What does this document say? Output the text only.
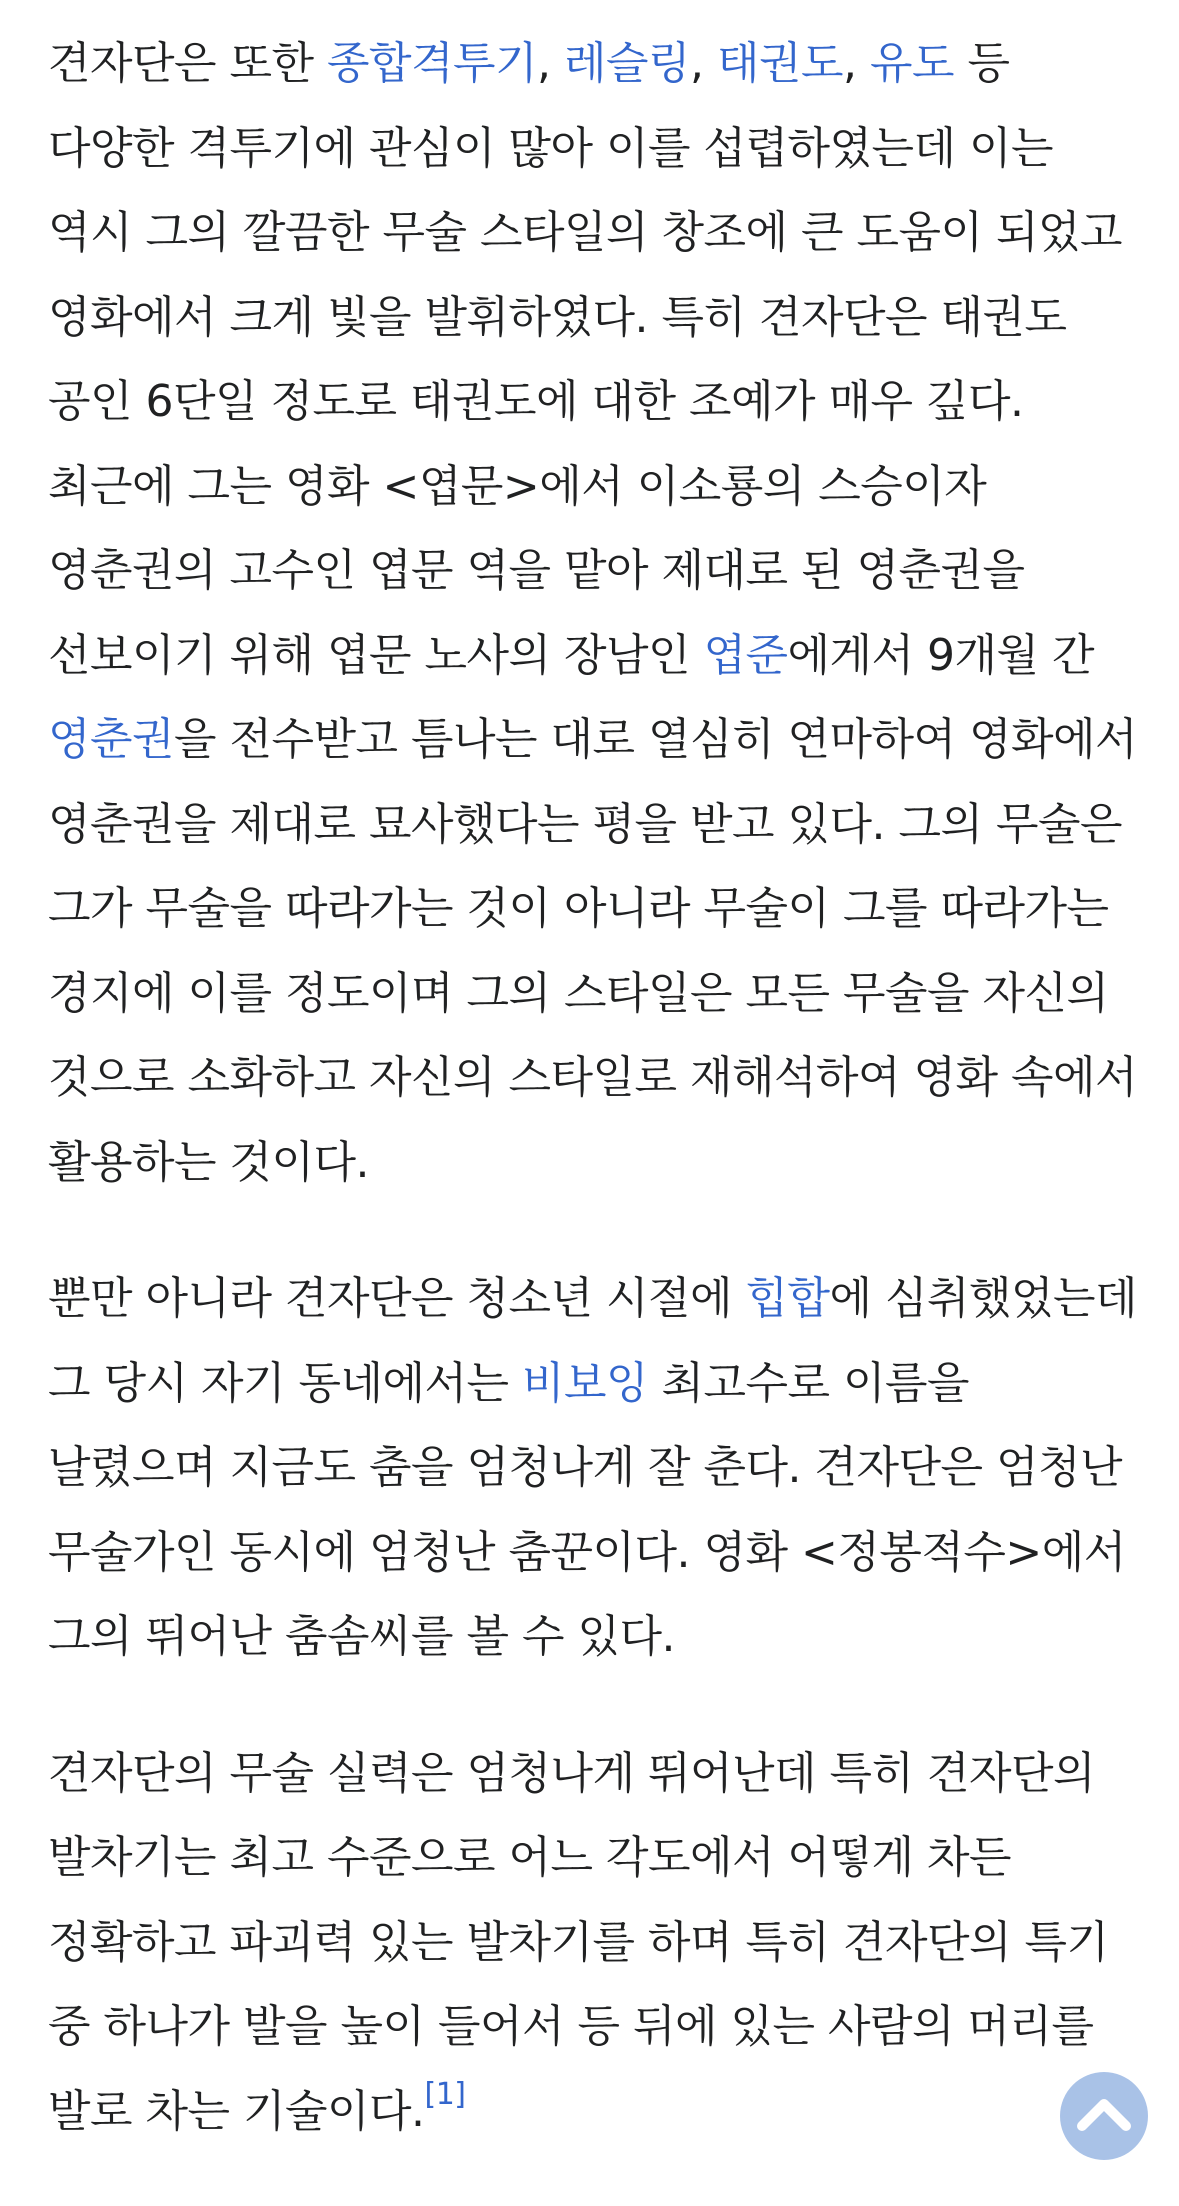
견자단은 또한 종합격투기, 레슬링, 태권도, 유도 등 다양한 격투기에 관심이 많아 이를 섭렵하였는데 이는 역시 그의 깔끔한 무술 스타일의 창조에 큰 도움이 되었고 영화에서 크게 빛을 발휘하였다. 특히 견자단은 태권도 공인 6단일 정도로 태권도에 대한 조예가 매우 깊다. 최근에 그는 영화 <엽문>에서 이소룡의 스승이자 영춘권의 고수인 엽문 역을 맡아 제대로 된 영춘권을 선보이기 위해 엽문 노사의 장남인 엽준에게서 9개월 간 영춘권을 전수받고 틈나는 대로 열심히 연마하여 영화에서 영춘권을 제대로 묘사했다는 평을 받고 있다. 그의 무술은 그가 무술을 따라가는 것이 아니라 무술이 그를 따라가는 경지에 이를 정도이며 그의 스타일은 모든 무술을 자신의 것으로 소화하고 자신의 스타일로 재해석하여 영화 속에서 활용하는 것이다.

뿐만 아니라 견자단은 청소년 시절에 힙합에 심취했었는데 그 당시 자기 동네에서는 비보잉 최고수로 이름을 날렸으며 지금도 춤을 엄청나게 잘 춘다. 견자단은 엄청난 무술가인 동시에 엄청난 춤꾼이다. 영화 <정봉적수>에서 그의 뛰어난 춤솜씨를 볼 수 있다.

견자단의 무술 실력은 엄청나게 뛰어난데 특히 견자단의 발차기는 최고 수준으로 어느 각도에서 어떻게 차든 정확하고 파괴력 있는 발차기를 하며 특히 견자단의 특기 중 하나가 발을 높이 들어서 등 뒤에 있는 사람의 머리를 발로 차는 기술이다.[1]
